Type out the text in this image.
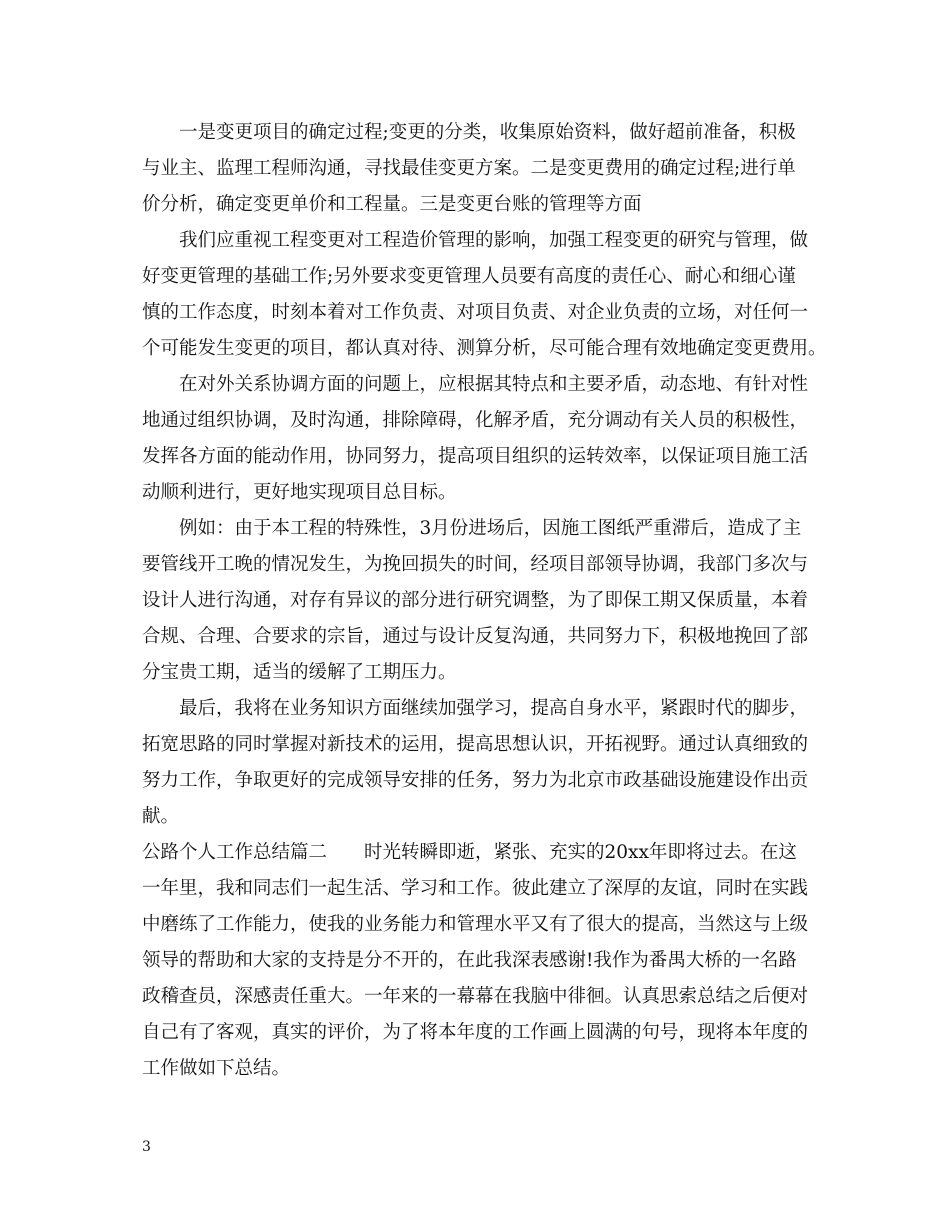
　　一是变更项目的确定过程;变更的分类，收集原始资料，做好超前准备，积极
与业主、监理工程师沟通，寻找最佳变更方案。二是变更费用的确定过程;进行单
价分析，确定变更单价和工程量。三是变更台账的管理等方面
　　我们应重视工程变更对工程造价管理的影响，加强工程变更的研究与管理，做
好变更管理的基础工作;另外要求变更管理人员要有高度的责任心、耐心和细心谨
慎的工作态度，时刻本着对工作负责、对项目负责、对企业负责的立场，对任何一
个可能发生变更的项目，都认真对待、测算分析，尽可能合理有效地确定变更费用。
　　在对外关系协调方面的问题上，应根据其特点和主要矛盾，动态地、有针对性
地通过组织协调，及时沟通，排除障碍，化解矛盾，充分调动有关人员的积极性，
发挥各方面的能动作用，协同努力，提高项目组织的运转效率，以保证项目施工活
动顺利进行，更好地实现项目总目标。
　　例如：由于本工程的特殊性，3月份进场后，因施工图纸严重滞后，造成了主
要管线开工晚的情况发生，为挽回损失的时间，经项目部领导协调，我部门多次与
设计人进行沟通，对存有异议的部分进行研究调整，为了即保工期又保质量，本着
合规、合理、合要求的宗旨，通过与设计反复沟通，共同努力下，积极地挽回了部
分宝贵工期，适当的缓解了工期压力。
　　最后，我将在业务知识方面继续加强学习，提高自身水平，紧跟时代的脚步，
拓宽思路的同时掌握对新技术的运用，提高思想认识，开拓视野。通过认真细致的
努力工作，争取更好的完成领导安排的任务，努力为北京市政基础设施建设作出贡
献。
公路个人工作总结篇二　　时光转瞬即逝，紧张、充实的20xx年即将过去。在这
一年里，我和同志们一起生活、学习和工作。彼此建立了深厚的友谊，同时在实践
中磨练了工作能力，使我的业务能力和管理水平又有了很大的提高，当然这与上级
领导的帮助和大家的支持是分不开的，在此我深表感谢!我作为番禺大桥的一名路
政稽查员，深感责任重大。一年来的一幕幕在我脑中徘徊。认真思索总结之后便对
自己有了客观，真实的评价，为了将本年度的工作画上圆满的句号，现将本年度的
工作做如下总结。
3
